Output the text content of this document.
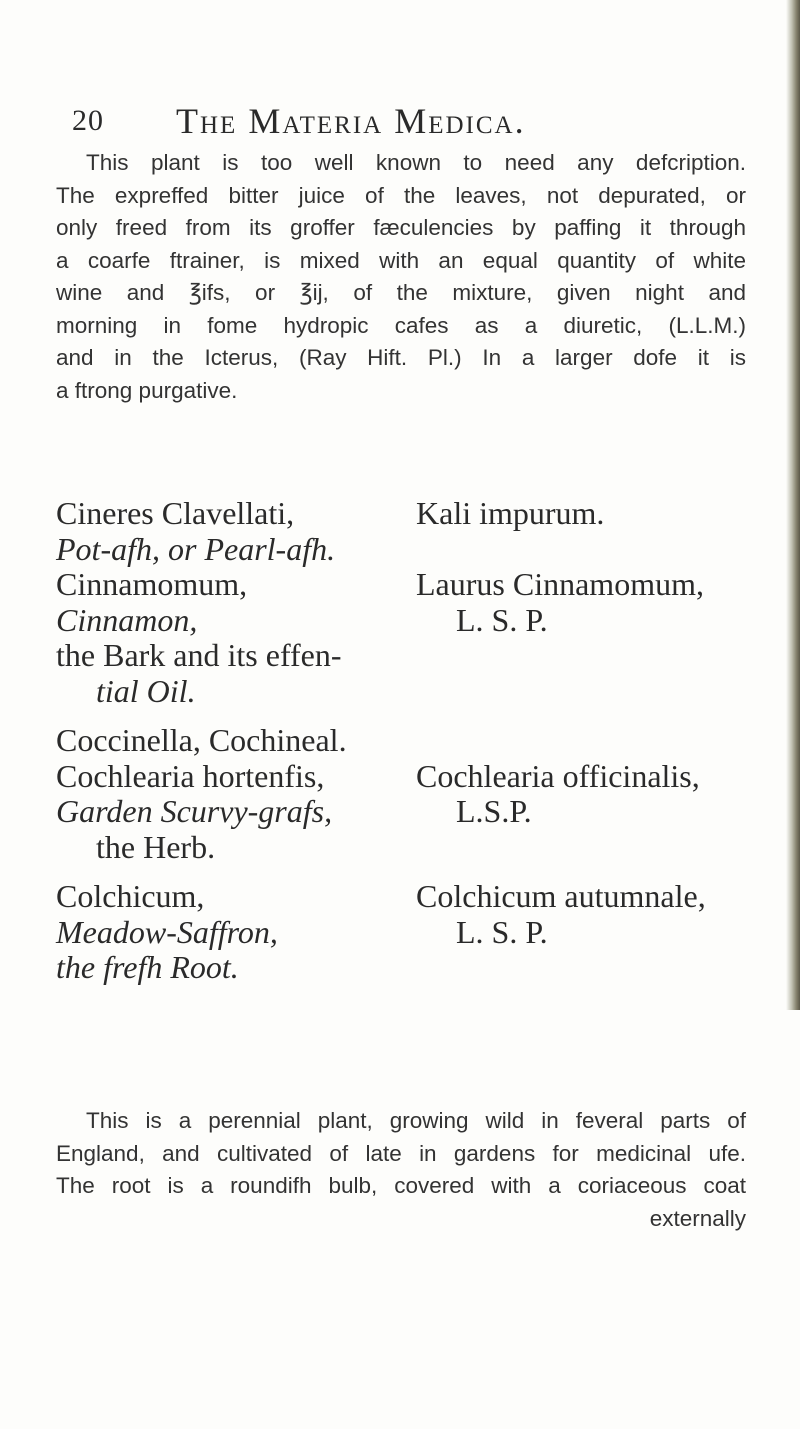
20 The Materia Medica.
This plant is too well known to need any defcription.
The expreffed bitter juice of the leaves, not depurated, or
only freed from its groffer fæculencies by paffing it through
a coarfe ftrainer, is mixed with an equal quantity of white
wine and ℥ifs, or ℥ij, of the mixture, given night and
morning in fome hydropic cafes as a diuretic, (L.L.M.)
and in the Icterus, (Ray Hift. Pl.) In a larger dofe it is
a ftrong purgative.
Cineres Clavellati,
Pot-afh, or Pearl-afh.
Kali impurum.
Cinnamomum,
Cinnamon,
the Bark and its effen-
tial Oil.
Laurus Cinnamomum,
L. S. P.
Coccinella, Cochineal.
Cochlearia hortenfis,
Garden Scurvy-grafs,
the Herb.
Cochlearia officinalis,
L.S.P.
Colchicum,
Meadow-Saffron,
the frefh Root.
Colchicum autumnale,
L. S. P.
This is a perennial plant, growing wild in feveral parts of
England, and cultivated of late in gardens for medicinal ufe.
The root is a roundifh bulb, covered with a coriaceous coat
externally
